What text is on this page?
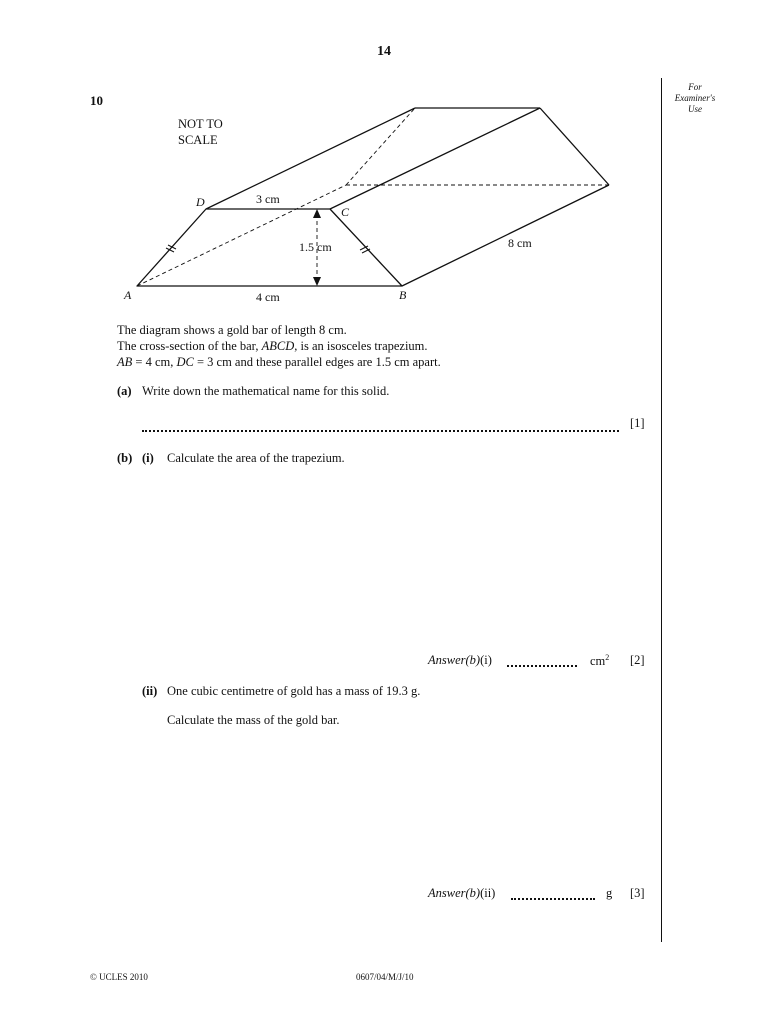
14
For
Examiner's
Use
10
NOT TO
SCALE
A	B
C
D	3 cm
1.5 cm
4 cm
8 cm
The diagram shows a gold bar of length 8 cm.
The cross-section of the bar, ABCD, is an isosceles trapezium.
AB = 4 cm, DC = 3 cm and these parallel edges are 1.5 cm apart.
(a) Write down the mathematical name for this solid.
[1]
(b) (i) Calculate the area of the trapezium.
Answer(b)(i)	$cm^2$ [2]
(ii) One cubic centimetre of gold has a mass of 19.3 g.
Calculate the mass of the gold bar.
Answer(b)(ii)	g [3]
© UCLES 2010	0607/04/M/J/10
